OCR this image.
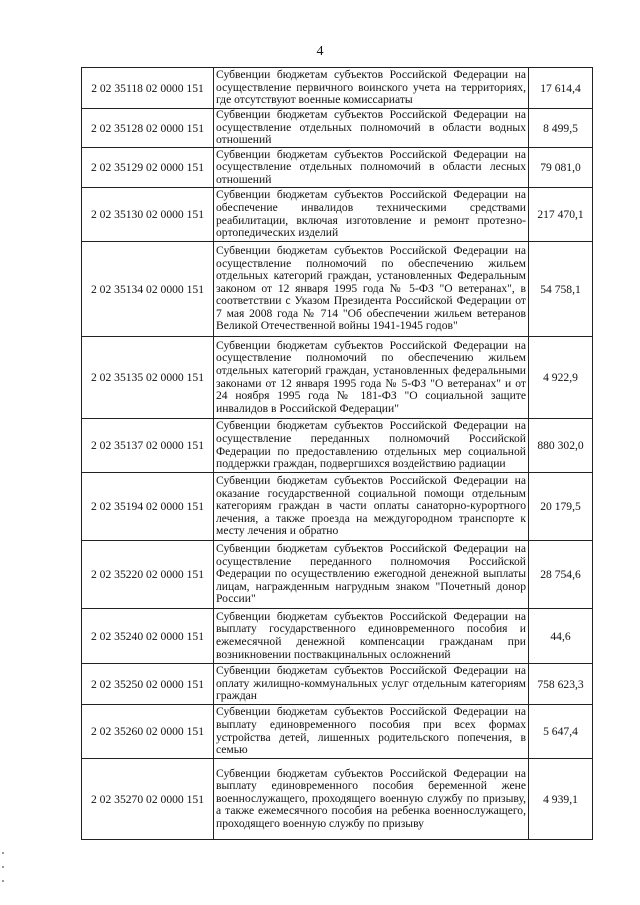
4
2 02 35118 02 0000 151	Субвенции бюджетам субъектов Российской Федерации на осуществление первичного воинского учета на территориях, где отсутствуют военные комиссариаты	17 614,4
2 02 35128 02 0000 151	Субвенции бюджетам субъектов Российской Федерации на осуществление отдельных полномочий в области водных отношений	8 499,5
2 02 35129 02 0000 151	Субвенции бюджетам субъектов Российской Федерации на осуществление отдельных полномочий в области лесных отношений	79 081,0
2 02 35130 02 0000 151	Субвенции бюджетам субъектов Российской Федерации на обеспечение инвалидов техническими средствами реабилитации, включая изготовление и ремонт протезно-ортопедических изделий	217 470,1
2 02 35134 02 0000 151	Субвенции бюджетам субъектов Российской Федерации на осуществление полномочий по обеспечению жильем отдельных категорий граждан, установленных Федеральным законом от 12 января 1995 года № 5-ФЗ "О ветеранах", в соответствии с Указом Президента Российской Федерации от 7 мая 2008 года № 714 "Об обеспечении жильем ветеранов Великой Отечественной войны 1941-1945 годов"	54 758,1
2 02 35135 02 0000 151	Субвенции бюджетам субъектов Российской Федерации на осуществление полномочий по обеспечению жильем отдельных категорий граждан, установленных федеральными законами от 12 января 1995 года № 5-ФЗ "О ветеранах" и от 24 ноября 1995 года № 181-ФЗ "О социальной защите инвалидов в Российской Федерации"	4 922,9
2 02 35137 02 0000 151	Субвенции бюджетам субъектов Российской Федерации на осуществление переданных полномочий Российской Федерации по предоставлению отдельных мер социальной поддержки граждан, подвергшихся воздействию радиации	880 302,0
2 02 35194 02 0000 151	Субвенции бюджетам субъектов Российской Федерации на оказание государственной социальной помощи отдельным категориям граждан в части оплаты санаторно-курортного лечения, а также проезда на междугородном транспорте к месту лечения и обратно	20 179,5
2 02 35220 02 0000 151	Субвенции бюджетам субъектов Российской Федерации на осуществление переданного полномочия Российской Федерации по осуществлению ежегодной денежной выплаты лицам, награжденным нагрудным знаком "Почетный донор России"	28 754,6
2 02 35240 02 0000 151	Субвенции бюджетам субъектов Российской Федерации на выплату государственного единовременного пособия и ежемесячной денежной компенсации гражданам при возникновении поствакцинальных осложнений	44,6
2 02 35250 02 0000 151	Субвенции бюджетам субъектов Российской Федерации на оплату жилищно-коммунальных услуг отдельным категориям граждан	758 623,3
2 02 35260 02 0000 151	Субвенции бюджетам субъектов Российской Федерации на выплату единовременного пособия при всех формах устройства детей, лишенных родительского попечения, в семью	5 647,4
2 02 35270 02 0000 151	Субвенции бюджетам субъектов Российской Федерации на выплату единовременного пособия беременной жене военнослужащего, проходящего военную службу по призыву, а также ежемесячного пособия на ребенка военнослужащего, проходящего военную службу по призыву	4 939,1
